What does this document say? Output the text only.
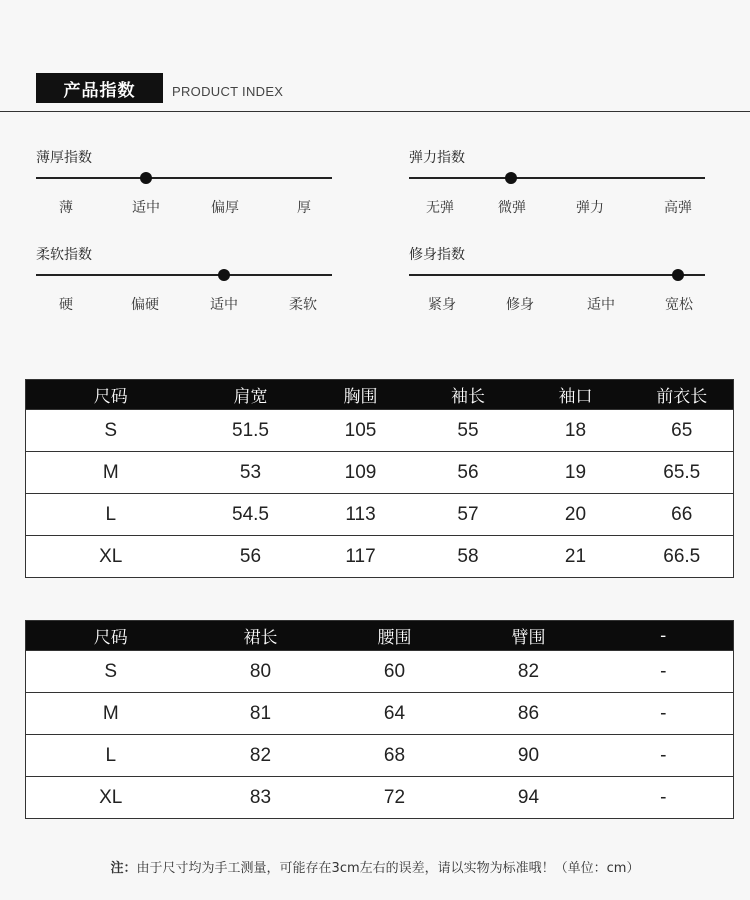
产品指数	PRODUCT INDEX
薄厚指数
薄	适中	偏厚	厚
弹力指数
无弹	微弹	弹力	高弹
柔软指数
硬	偏硬	适中	柔软
修身指数
紧身	修身	适中	宽松
尺码	肩宽	胸围	袖长	袖口	前衣长
S	51.5	105	55	18	65
M	53	109	56	19	65.5
L	54.5	113	57	20	66
XL	56	117	58	21	66.5
尺码	裙长	腰围	臂围	-
S	80	60	82	-
M	81	64	86	-
L	82	68	90	-
XL	83	72	94	-
注：由于尺寸均为手工测量，可能存在3cm左右的误差，请以实物为标准哦！（单位：cm）
